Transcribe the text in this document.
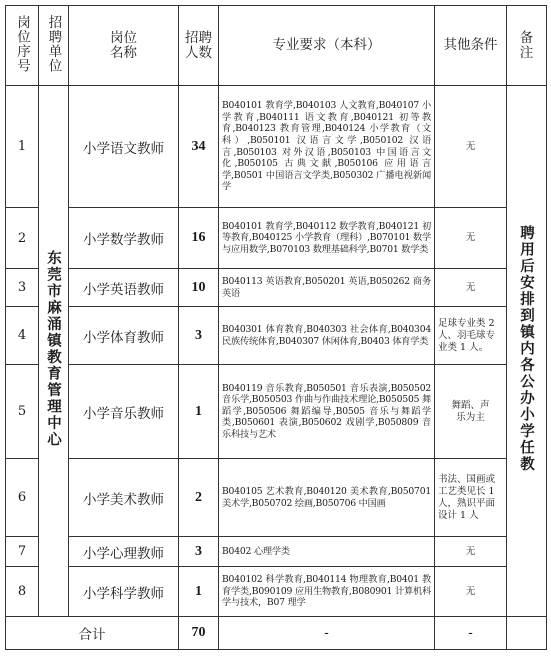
岗位序号	招聘单位	岗位名称	招聘人数	专业要求（本科）	其他条件	备注

1	东莞市麻涌镇教育管理中心	小学语文教师	34	B040101 教育学,B040103 人文教育,B040107 小学教育,B040111 语文教育,B040121 初等教育,B040123 教育管理,B040124 小学教育（文科）,B050101 汉语言文学,B050102 汉语言,B050103 对外汉语,B050103 中国语言文化,B050105 古典文献,B050106 应用语言学,B0501 中国语言文学类,B050302 广播电视新闻学	无	聘用后安排到镇内各公办小学任教
2		小学数学教师	16	B040101 教育学,B040112 数学教育,B040121 初等教育,B040125 小学教育（理科）,B070101 数学与应用数学,B070103 数理基础科学,B0701 数学类	无	
3		小学英语教师	10	B040113 英语教育,B050201 英语,B050262 商务英语	无	
4		小学体育教师	3	B040301 体育教育,B040303 社会体育,B040304 民族传统体育,B040307 休闲体育,B0403 体育学类	足球专业类 2 人、羽毛球专业类 1 人。	
5		小学音乐教师	1	B040119 音乐教育,B050501 音乐表演,B050502 音乐学,B050503 作曲与作曲技术理论,B050505 舞蹈学,B050506 舞蹈编导,B0505 音乐与舞蹈学类,B050601 表演,B050602 戏剧学,B050809 音乐科技与艺术	舞蹈、声乐为主	

6		小学美术教师	2	B040105 艺术教育,B040120 美术教育,B050701 美术学,B050702 绘画,B050706 中国画	书法、国画或工艺类见长 1 人，熟识平面设计 1 人	
7		小学心理教师	3	B0402 心理学类	无	
8		小学科学教师	1	B040102 科学教育,B040114 物理教育,B0401 教育学类,B090109 应用生物教育,B080901 计算机科学与技术，B07 理学	无	
合计			70	-	-	
